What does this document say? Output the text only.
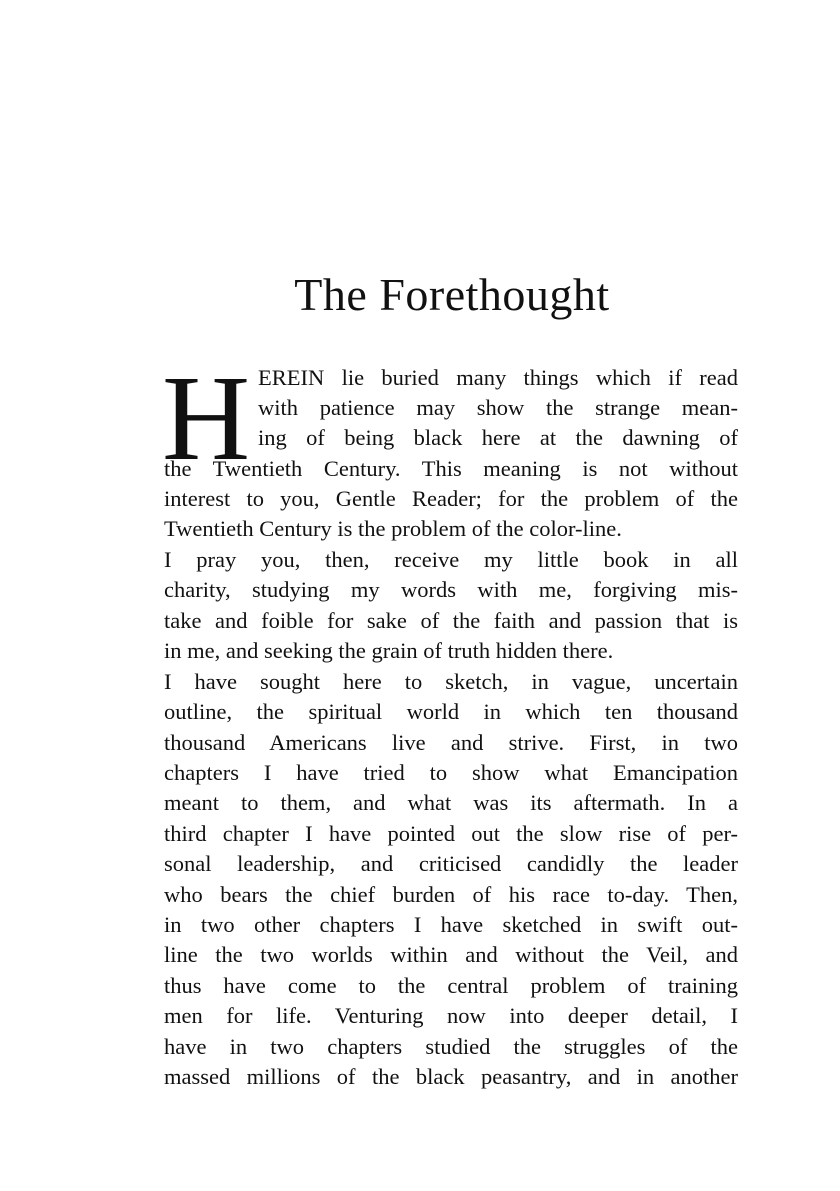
The Forethought
H EREIN lie buried many things which if read
with patience may show the strange mean-
ing of being black here at the dawning of
the Twentieth Century. This meaning is not without
interest to you, Gentle Reader; for the problem of the
Twentieth Century is the problem of the color-line.
I pray you, then, receive my little book in all
charity, studying my words with me, forgiving mis-
take and foible for sake of the faith and passion that is
in me, and seeking the grain of truth hidden there.
I have sought here to sketch, in vague, uncertain
outline, the spiritual world in which ten thousand
thousand Americans live and strive. First, in two
chapters I have tried to show what Emancipation
meant to them, and what was its aftermath. In a
third chapter I have pointed out the slow rise of per-
sonal leadership, and criticised candidly the leader
who bears the chief burden of his race to-day. Then,
in two other chapters I have sketched in swift out-
line the two worlds within and without the Veil, and
thus have come to the central problem of training
men for life. Venturing now into deeper detail, I
have in two chapters studied the struggles of the
massed millions of the black peasantry, and in another
